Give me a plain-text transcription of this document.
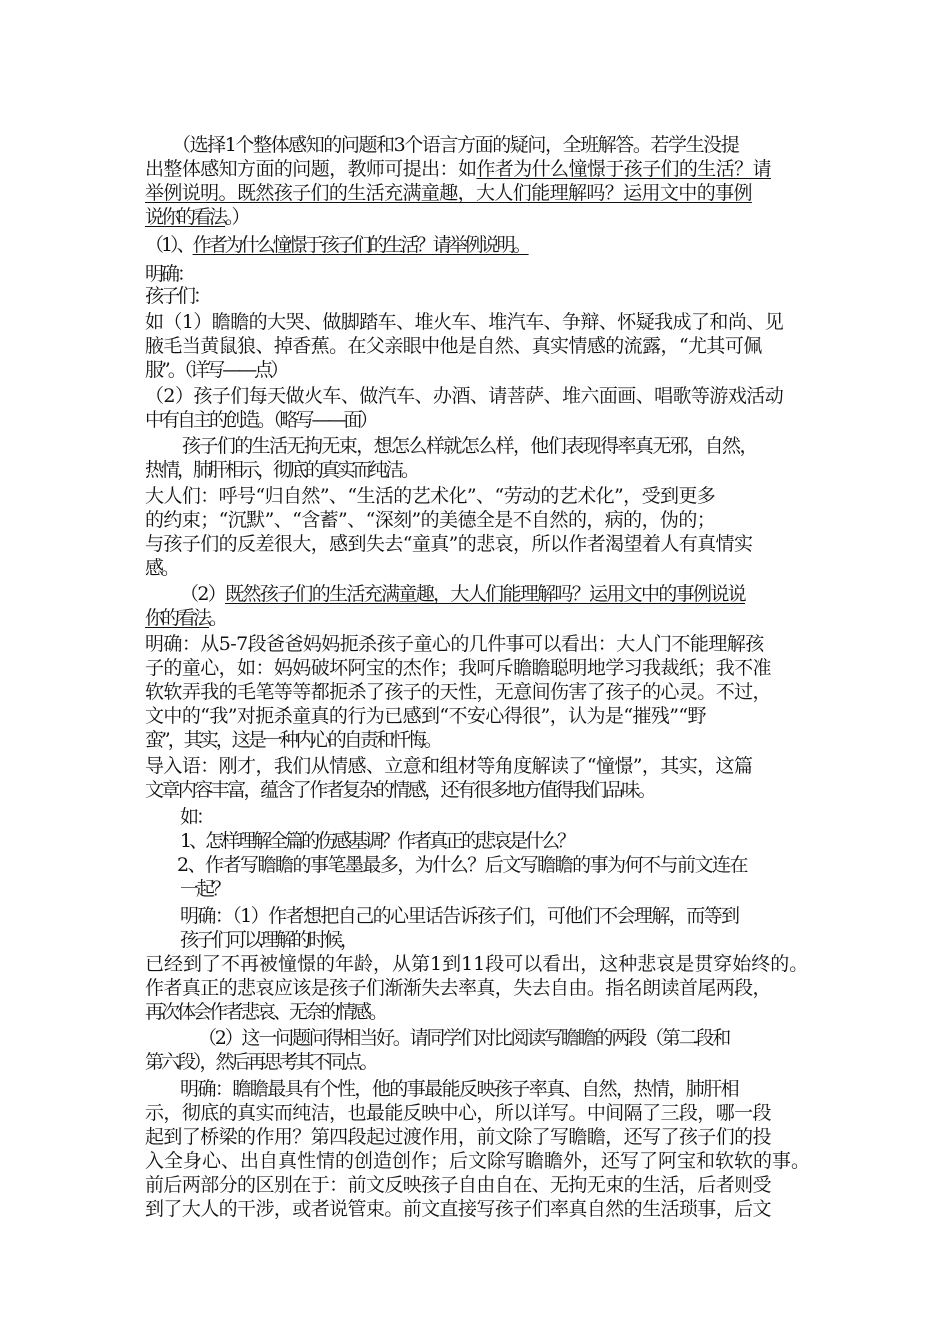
（选择1个整体感知的问题和3个语言方面的疑问，全班解答。若学生没提
出整体感知方面的问题，教师可提出：如作者为什么憧憬于孩子们的生活？请
举例说明。既然孩子们的生活充满童趣，大人们能理解吗？运用文中的事例
说你的看法。）
（1）、作者为什么憧憬于孩子们的生活？请举例说明。
明确：
孩子们：
如（1）瞻瞻的大哭、做脚踏车、堆火车、堆汽车、争辩、怀疑我成了和尚、见
腋毛当黄鼠狼、掉香蕉。在父亲眼中他是自然、真实情感的流露，“尤其可佩
服”。（详写——点）
（2）孩子们每天做火车、做汽车、办酒、请菩萨、堆六面画、唱歌等游戏活动
中有自主的创造。（略写——面）
孩子们的生活无拘无束，想怎么样就怎么样，他们表现得率真无邪，自然，
热情，肺肝相示，彻底的真实而纯洁。
大人们：呼号“归自然”、“生活的艺术化”、“劳动的艺术化”，受到更多
的约束；“沉默”、“含蓄”、“深刻”的美德全是不自然的，病的，伪的；
与孩子们的反差很大，感到失去“童真”的悲哀，所以作者渴望着人有真情实
感。
（2）既然孩子们的生活充满童趣，大人们能理解吗？运用文中的事例说说
你的看法。
明确：从5-7段爸爸妈妈扼杀孩子童心的几件事可以看出：大人门不能理解孩
子的童心，如：妈妈破坏阿宝的杰作；我呵斥瞻瞻聪明地学习我裁纸；我不准
软软弄我的毛笔等等都扼杀了孩子的天性，无意间伤害了孩子的心灵。不过，
文中的“我”对扼杀童真的行为已感到“不安心得很”，认为是“摧残”“野
蛮”，其实，这是一种内心的自责和忏悔。
导入语：刚才，我们从情感、立意和组材等角度解读了“憧憬”，其实，这篇
文章内容丰富，蕴含了作者复杂的情感，还有很多地方值得我们品味。
如：
1、怎样理解全篇的伤感基调？作者真正的悲哀是什么？
2、作者写瞻瞻的事笔墨最多，为什么？后文写瞻瞻的事为何不与前文连在
一起？
明确：（1）作者想把自己的心里话告诉孩子们，可他们不会理解，而等到
孩子们可以理解的时候，
已经到了不再被憧憬的年龄，从第1到11段可以看出，这种悲哀是贯穿始终的。
作者真正的悲哀应该是孩子们渐渐失去率真，失去自由。指名朗读首尾两段，
再次体会作者悲哀、无奈的情感。
（2）这一问题问得相当好。请同学们对比阅读写瞻瞻的两段（第二段和
第六段），然后再思考其不同点。
明确：瞻瞻最具有个性，他的事最能反映孩子率真、自然，热情，肺肝相
示，彻底的真实而纯洁，也最能反映中心，所以详写。中间隔了三段，哪一段
起到了桥梁的作用？第四段起过渡作用，前文除了写瞻瞻，还写了孩子们的投
入全身心、出自真性情的创造创作；后文除写瞻瞻外，还写了阿宝和软软的事。
前后两部分的区别在于：前文反映孩子自由自在、无拘无束的生活，后者则受
到了大人的干涉，或者说管束。前文直接写孩子们率真自然的生活琐事，后文
